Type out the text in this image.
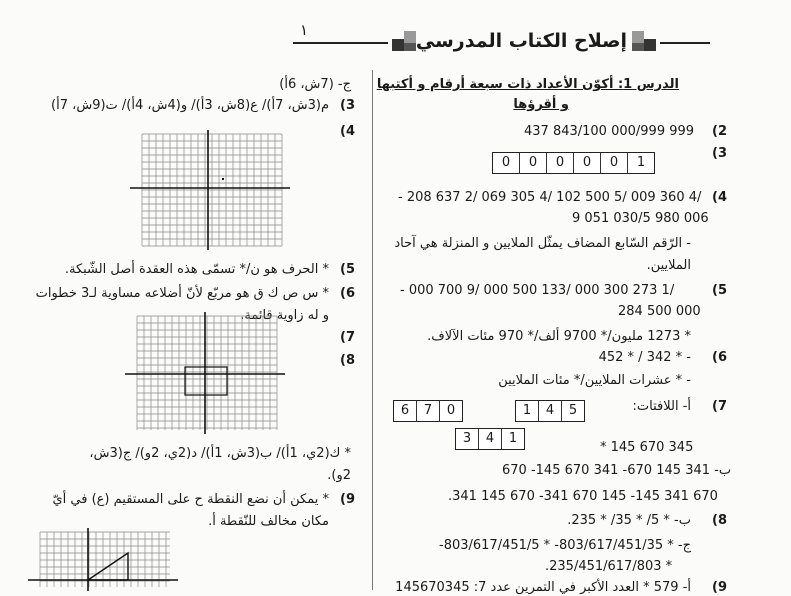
إصلاح الكتاب المدرسي
١
الدرس 1: أكوّن الأعداد ذات سبعة أرقام و أكتبها
و أقرؤها
(2
437 843/100 000/999 999
(3
0	0	0	0	0	1
(4
- 208 637 2/ 069 305 4/ 102 500 5/ 009 360 4/
9 051 030/5 980 006
- الرّقم السّابع المضاف يمثّل الملايين و المنزلة هي آحاد
الملايين.
(5
- 000 700 9/ 000 500 133/ 000 300 273 1/
284 500 000
* 1273 مليون/* 9700 ألف/* 970 مئات الآلاف.
(6
- * 342 / * 452
- * عشرات الملايين/* مئات الملايين
(7
أ- اللافتات:
6	7	0	1	4	5
3	4	1
* 145 670 345
ب- 341 145 670- 341 670 145- 670
.341 145 670 -341 670 145 -145 341 670
(8
ب- * 5/ * 35/ * 235.
ج- * 803/617/451/35- * 803/617/451/5-
.235/451/617/803 *
(9
أ- 579 * العدد الأكبر في التمرين عدد 7: 145670345
ج- (7ش، 6أ)
(3
م(3ش، 7أ)/ ع(8ش، 3أ)/ و(4ش، 4أ)/ ت(9ش، 7أ)
(4
(5
* الحرف هو ن/* تسمّى هذه العقدة أصل الشّبكة.
(6
* س ص ك ق هو مربّع لأنّ أضلاعه مساوية لـ3 خطوات
و له زاوية قائمة.
(7
(8
* ك(2ي، 1أ)/ ب(3ش، 1أ)/ د(2ي، 2و)/ ج(3ش،
2و).
(9
* يمكن أن نضع النقطة ح على المستقيم (ع) في أيّ
مكان مخالف للنّقطة أ.
